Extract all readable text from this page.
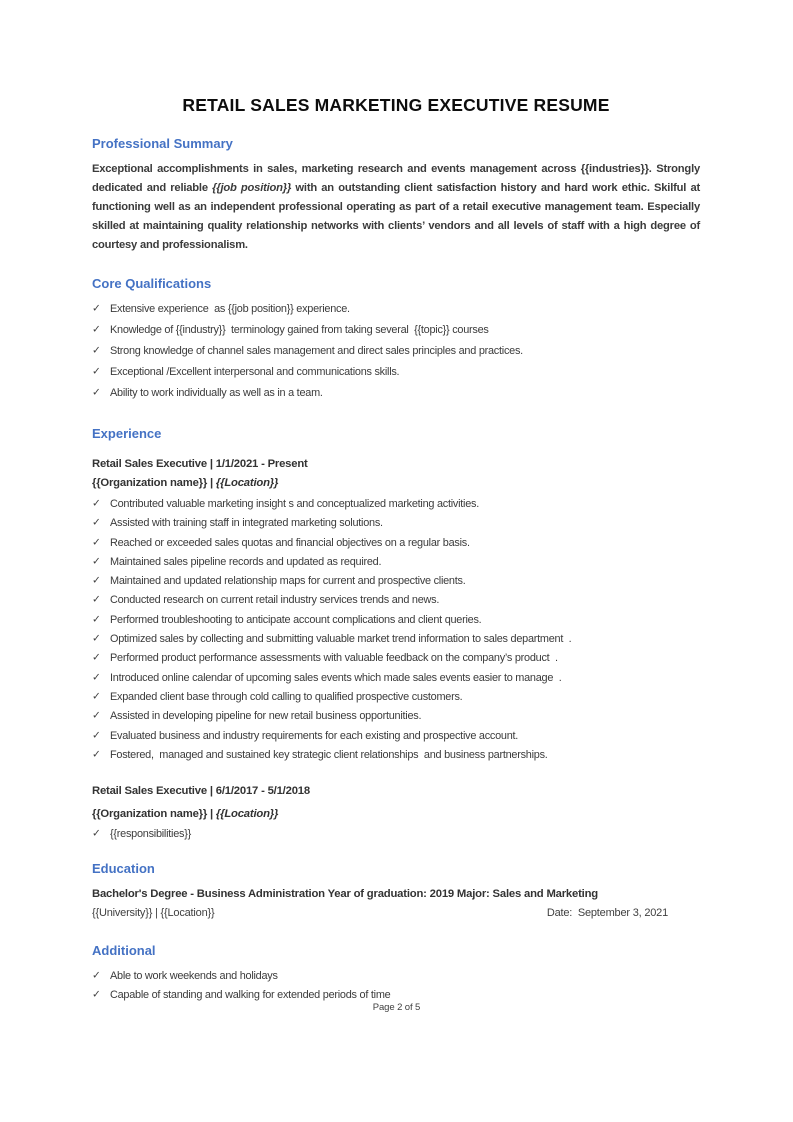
RETAIL SALES MARKETING EXECUTIVE RESUME
Professional Summary

Exceptional accomplishments in sales, marketing research and events management across {{industries}}. Strongly dedicated and reliable {{job position}} with an outstanding client satisfaction history and hard work ethic. Skilful at functioning well as an independent professional operating as part of a retail executive management team. Especially skilled at maintaining quality relationship networks with clients’ vendors and all levels of staff with a high degree of courtesy and professionalism.

Core Qualifications
✓ Extensive experience  as {{job position}} experience.
✓ Knowledge of {{industry}}  terminology gained from taking several  {{topic}} courses
✓ Strong knowledge of channel sales management and direct sales principles and practices.
✓ Exceptional /Excellent interpersonal and communications skills.
✓ Ability to work individually as well as in a team.
Experience
Retail Sales Executive | 1/1/2021 - Present
{{Organization name}} | {{Location}}
✓ Contributed valuable marketing insight s and conceptualized marketing activities.
✓ Assisted with training staff in integrated marketing solutions.
✓ Reached or exceeded sales quotas and financial objectives on a regular basis.
✓ Maintained sales pipeline records and updated as required.
✓ Maintained and updated relationship maps for current and prospective clients.
✓ Conducted research on current retail industry services trends and news.
✓ Performed troubleshooting to anticipate account complications and client queries.
✓ Optimized sales by collecting and submitting valuable market trend information to sales department  .
✓ Performed product performance assessments with valuable feedback on the company’s product  .
✓ Introduced online calendar of upcoming sales events which made sales events easier to manage  .
✓ Expanded client base through cold calling to qualified prospective customers.
✓ Assisted in developing pipeline for new retail business opportunities.
✓ Evaluated business and industry requirements for each existing and prospective account.
✓ Fostered,  managed and sustained key strategic client relationships  and business partnerships.
Retail Sales Executive | 6/1/2017 - 5/1/2018
{{Organization name}} | {{Location}}
✓ {{responsibilities}}
Education
Bachelor's Degree - Business Administration Year of graduation: 2019 Major: Sales and Marketing
{{University}} | {{Location}}	Date:  September 3, 2021
Additional
✓ Able to work weekends and holidays
✓ Capable of standing and walking for extended periods of time
Page 2 of 5
